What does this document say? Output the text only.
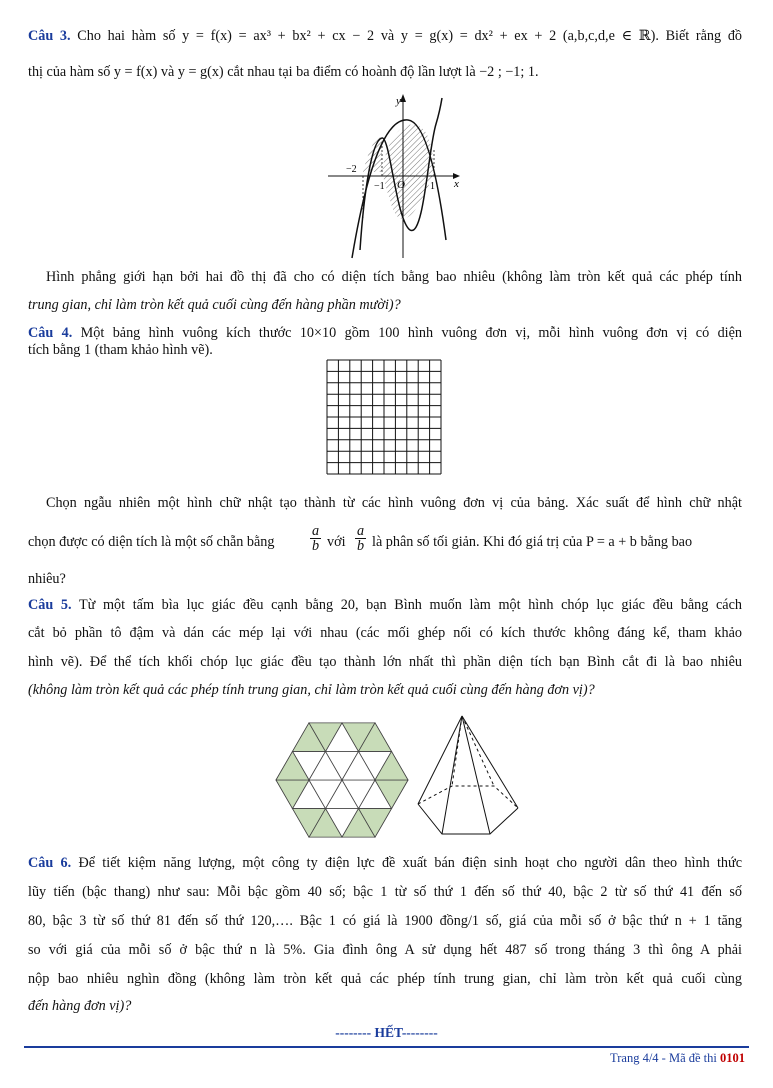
Câu 3. Cho hai hàm số y = f(x) = ax³ + bx² + cx − 2 và y = g(x) = dx² + ex + 2 (a,b,c,d,e ∈ ℝ). Biết rằng đồ
thị của hàm số y = f(x) và y = g(x) cắt nhau tại ba điểm có hoành độ lần lượt là −2 ; −1; 1.
y
x
O
−2
−1	1
Hình phẳng giới hạn bởi hai đồ thị đã cho có diện tích bằng bao nhiêu (không làm tròn kết quả các phép tính
trung gian, chỉ làm tròn kết quả cuối cùng đến hàng phần mười)?
Câu 4. Một bảng hình vuông kích thước 10×10 gồm 100 hình vuông đơn vị, mỗi hình vuông đơn vị có diện
tích bằng 1 (tham khảo hình vẽ).
Chọn ngẫu nhiên một hình chữ nhật tạo thành từ các hình vuông đơn vị của bảng. Xác suất để hình chữ nhật
chọn được có diện tích là một số chẵn bằng	$\frac{a}{b}$ với $\frac{a}{b}$ là phân số tối giản. Khi đó giá trị của P = a + b bằng bao
nhiêu?
Câu 5. Từ một tấm bìa lục giác đều cạnh bằng 20, bạn Bình muốn làm một hình chóp lục giác đều bằng cách
cắt bỏ phần tô đậm và dán các mép lại với nhau (các mối ghép nối có kích thước không đáng kể, tham khảo
hình vẽ). Để thể tích khối chóp lục giác đều tạo thành lớn nhất thì phần diện tích bạn Bình cắt đi là bao nhiêu
(không làm tròn kết quả các phép tính trung gian, chỉ làm tròn kết quả cuối cùng đến hàng đơn vị)?
Câu 6. Để tiết kiệm năng lượng, một công ty điện lực đề xuất bán điện sinh hoạt cho người dân theo hình thức
lũy tiến (bậc thang) như sau: Mỗi bậc gồm 40 số; bậc 1 từ số thứ 1 đến số thứ 40, bậc 2 từ số thứ 41 đến số
80, bậc 3 từ số thứ 81 đến số thứ 120,…. Bậc 1 có giá là 1900 đồng/1 số, giá của mỗi số ở bậc thứ n + 1 tăng
so với giá của mỗi số ở bậc thứ n là 5%. Gia đình ông A sử dụng hết 487 số trong tháng 3 thì ông A phải
nộp bao nhiêu nghìn đồng (không làm tròn kết quả các phép tính trung gian, chỉ làm tròn kết quả cuối cùng
đến hàng đơn vị)?
-------- HẾT--------
Trang 4/4 - Mã đề thi 0101
